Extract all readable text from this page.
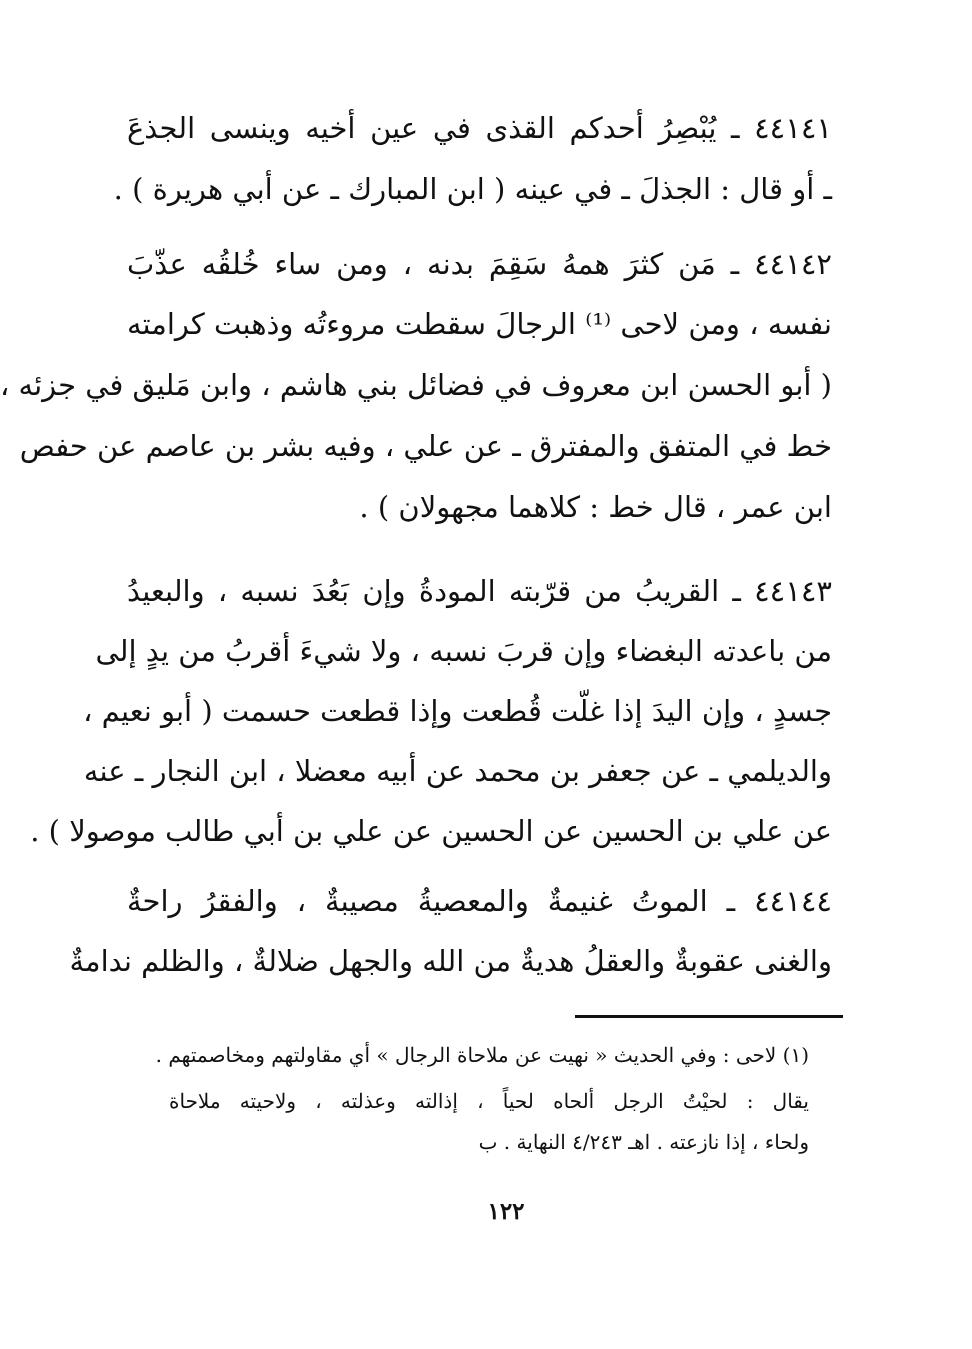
٤٤١٤١ ـ يُبْصِرُ أحدكم القذى في عين أخيه وينسى الجذعَ
ـ أو قال : الجذلَ ـ في عينه ( ابن المبارك ـ عن أبي هريرة ) .
٤٤١٤٢ ـ مَن كثرَ همهُ سَقِمَ بدنه ، ومن ساء خُلقُه عذّبَ
نفسه ، ومن لاحى ⁽¹⁾ الرجالَ سقطت مروءتُه وذهبت كرامته
( أبو الحسن ابن معروف في فضائل بني هاشم ، وابن مَليق في جزئه ،
خط في المتفق والمفترق ـ عن علي ، وفيه بشر بن عاصم عن حفص
ابن عمر ، قال خط : كلاهما مجهولان ) .
٤٤١٤٣ ـ القريبُ من قرّبته المودةُ وإن بَعُدَ نسبه ، والبعيدُ
من باعدته البغضاء وإن قربَ نسبه ، ولا شيءَ أقربُ من يدٍ إلى
جسدٍ ، وإن اليدَ إذا غلّت قُطعت وإذا قطعت حسمت ( أبو نعيم ،
والديلمي ـ عن جعفر بن محمد عن أبيه معضلا ، ابن النجار ـ عنه
عن علي بن الحسين عن الحسين عن علي بن أبي طالب موصولا ) .
٤٤١٤٤ ـ الموتُ غنيمةٌ والمعصيةُ مصيبةٌ ، والفقرُ راحةٌ
والغنى عقوبةٌ والعقلُ هديةٌ من الله والجهل ضلالةٌ ، والظلم ندامةٌ
(١) لاحى : وفي الحديث « نهيت عن ملاحاة الرجال » أي مقاولتهم ومخاصمتهم .
يقال : لحيْتُ الرجل ألحاه لحياً ، إذالته وعذلته ، ولاحيته ملاحاة
ولحاء ، إذا نازعته . اهـ ٤/٢٤٣ النهاية . ب
١٢٢
